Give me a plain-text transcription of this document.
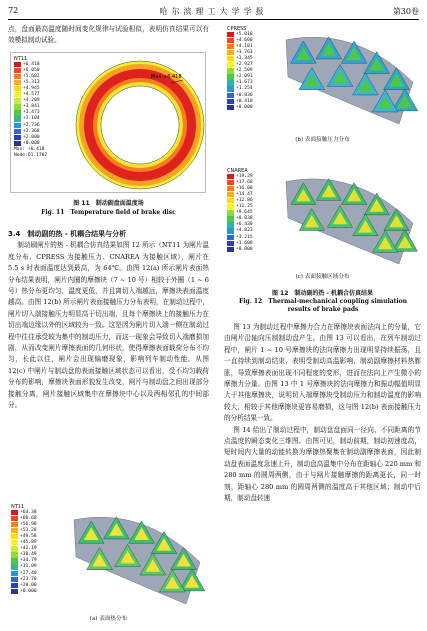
72	哈尔滨理工大学学报	第30卷

点，盘面最高温度随时间变化规律与试验相似，表明仿真结果可以有效模拟制动试验。

NT11
+6.418
+6.050
+5.682
+5.313
+4.945
+4.577
+4.209
+3.841
+3.473
+3.104
+2.736
+2.368
+2.000
+0.000
Max: +6.418
Node:D1.1702
Max:+6.418
图 11　制动副盘面温度场
Fig. 11　Temperature field of brake disc
3.4　制动副的热 - 机耦合结果与分析

制动刷闸片的热 - 机耦合仿真结果如图 12 所示（NT11 为闸片温度分布、CPRESS 为接触压力、CNAREA 为接触区域），闸片在 5.5 s 时表面温度达到最高，为 64℃。由图 12(a) 所示闸片表面热分布结果表明，闸片内圈的摩擦块（7 ~ 10 号）相较于外圈（1 ~ 6 号）热分布更均匀，温度更低，并且离切入端越远，摩擦块表面温度越高。由图 12(b) 所示闸片表面接触压力分布表明，在制动过程中，闸片切入端接触压力明显高于切出端，且每个摩擦块上的接触压力在切出端边缘以外的区域较为一致。这是因为闸片切入端一侧在制动过程中往往承受较为集中的制动压力，而这一现象会导致切入端磨损加剧，从而改变闸片摩擦表面的几何形状，使得摩擦表面载荷分布不均匀，长此以往，闸片会出现偏磨现象，影响列车制动性能。从图 12(c) 中闸片与制动盘的表面接触区域状态可以看出，受不均匀载荷分布的影响，摩擦块表面形貌发生改变，闸片与制动盘之间出现部分接触分离，闸片接触区域集中在摩擦块中心以及两相邻孔的中间部分。

NT11
+64.38
+60.68
+56.98
+53.28
+49.58
+45.89
+42.19
+38.49
+34.79
+31.09
+27.40
+23.70
+20.00
+0.000
(a) 表面热分布
CPRESS
+5.018
+4.600
+4.181
+3.763
+3.345
+2.927
+2.509
+2.091
+1.673
+1.254
+0.836
+0.418
+0.000
(b) 表面接触压力分布
CNAREA
+19.29
+17.68
+16.08
+14.47
+12.86
+11.25
+9.645
+8.038
+6.430
+4.823
+3.215
+1.608
+0.000
(c) 表面接触区域分布
图 12　制动副的热 - 机耦合仿真结果
Fig. 12　Thermal-mechanical coupling simulation results of brake pads

图 13 为制动过程中摩擦力合力在摩擦块表面法向上的分量，它由闸片沿轴向压制制动盘产生。由图 13 可以看出，在列车制动过程中，闸片 1 ~ 10 号摩擦块的法向摩擦力出现明显持续振荡，且一直持续到制动结束，表明受制动高温影响，制动副摩擦材料热膨胀，导致摩擦表面出现不同程度的变形，进而在法向上产生微小的摩擦力分量。由图 13 中 1 号摩擦块的法向摩擦力和振动幅值明显大于其他摩擦块，说明切入端摩擦块受制动压力和制动温度的影响较大，相较于其他摩擦块更容易磨损，这与图 12(b) 表面接触压力的分析结果一致。

图 14 给出了制动过程中，制动盘盘面同一径向、不同距离的节点温度的瞬态变化三维图。由图可见，制动前期，制动初速度高，短时间内大量的动能转换为摩擦热聚集在制动副摩擦表面，因此制动盘表面温度急速上升，制动盘高温集中分布在距轴心 220 mm 和 280 mm 的圆周两侧，由于与闸片接触摩擦的距离更长，同一时刻，距轴心 280 mm 的圆周两侧的温度高于其他区域；制动中后期，制动盘转速
